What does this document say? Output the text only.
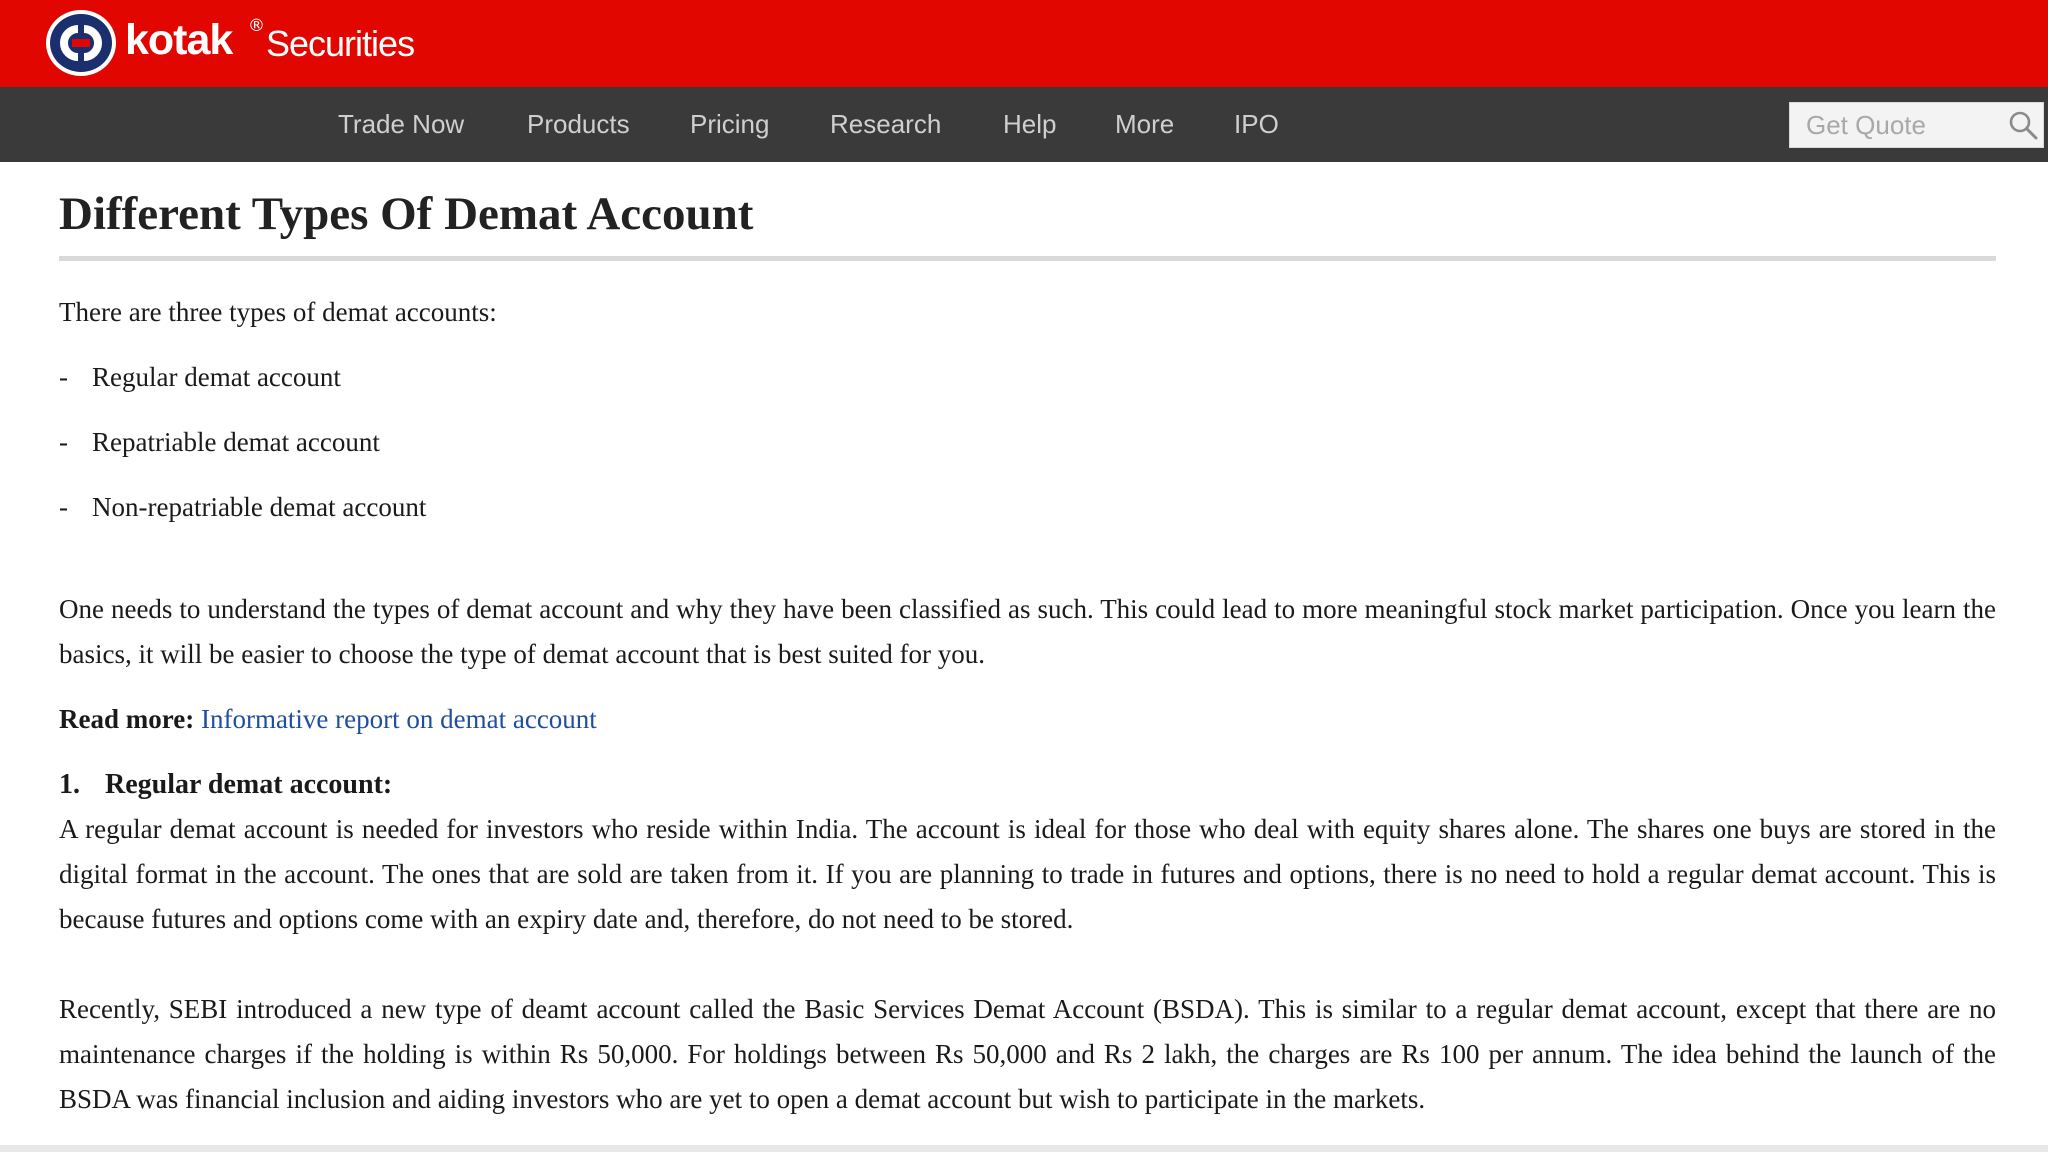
kotak ® Securities
Trade Now Products Pricing Research Help More IPO
Get Quote
Different Types Of Demat Account

There are three types of demat accounts:

- Regular demat account
- Repatriable demat account
- Non-repatriable demat account

One needs to understand the types of demat account and why they have been classified as such. This could lead to more meaningful stock market participation. Once you learn the basics, it will be easier to choose the type of demat account that is best suited for you.

Read more: Informative report on demat account

1. Regular demat account:

A regular demat account is needed for investors who reside within India. The account is ideal for those who deal with equity shares alone. The shares one buys are stored in the digital format in the account. The ones that are sold are taken from it. If you are planning to trade in futures and options, there is no need to hold a regular demat account. This is because futures and options come with an expiry date and, therefore, do not need to be stored.

Recently, SEBI introduced a new type of deamt account called the Basic Services Demat Account (BSDA). This is similar to a regular demat account, except that there are no maintenance charges if the holding is within Rs 50,000. For holdings between Rs 50,000 and Rs 2 lakh, the charges are Rs 100 per annum. The idea behind the launch of the BSDA was financial inclusion and aiding investors who are yet to open a demat account but wish to participate in the markets.
